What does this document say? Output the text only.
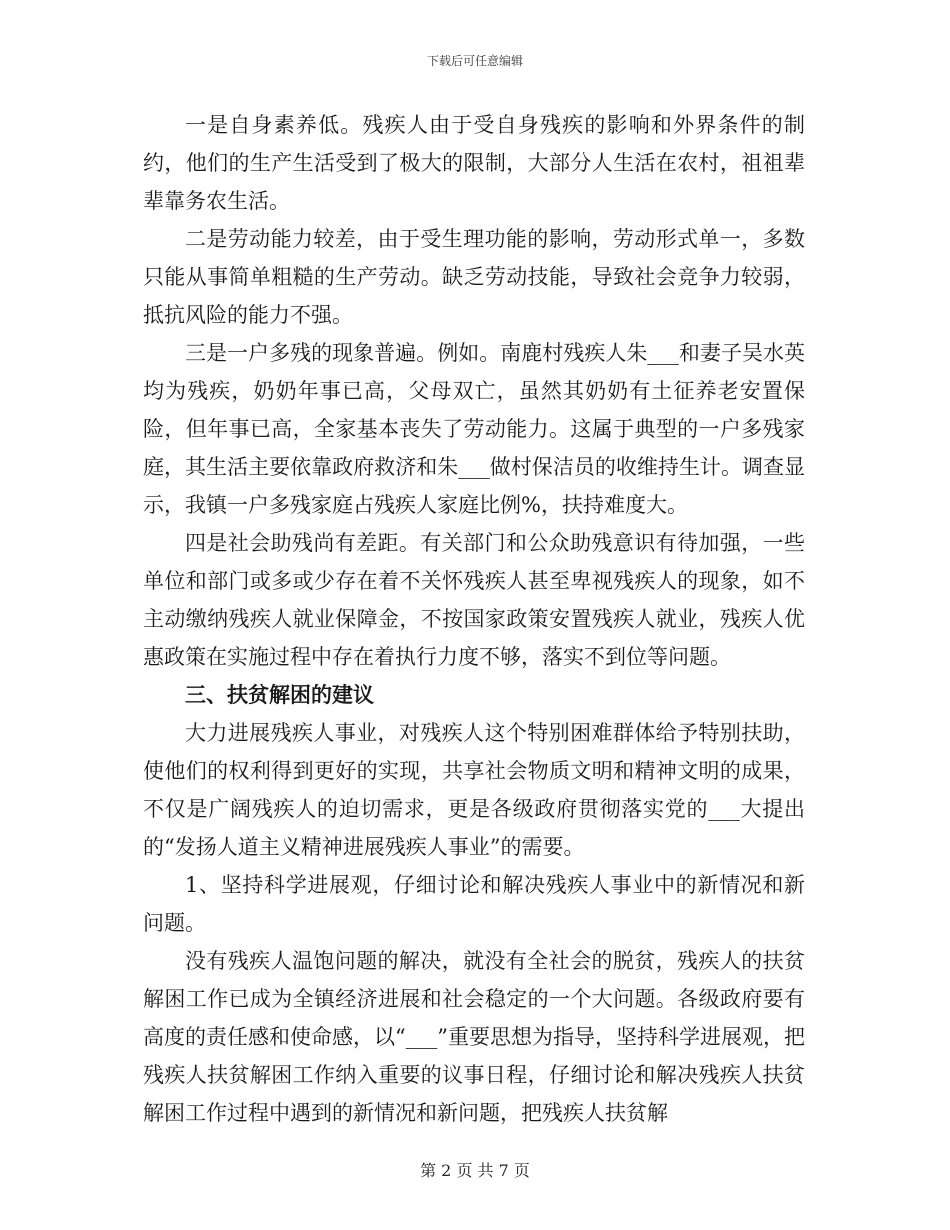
下载后可任意编辑

一是自身素养低。残疾人由于受自身残疾的影响和外界条件的制约，他们的生产生活受到了极大的限制，大部分人生活在农村，祖祖辈辈靠务农生活。

二是劳动能力较差，由于受生理功能的影响，劳动形式单一，多数只能从事简单粗糙的生产劳动。缺乏劳动技能，导致社会竞争力较弱，抵抗风险的能力不强。

三是一户多残的现象普遍。例如。南鹿村残疾人朱___和妻子吴水英均为残疾，奶奶年事已高，父母双亡，虽然其奶奶有土征养老安置保险，但年事已高，全家基本丧失了劳动能力。这属于典型的一户多残家庭，其生活主要依靠政府救济和朱___做村保洁员的收维持生计。调查显示，我镇一户多残家庭占残疾人家庭比例%，扶持难度大。

四是社会助残尚有差距。有关部门和公众助残意识有待加强，一些单位和部门或多或少存在着不关怀残疾人甚至卑视残疾人的现象，如不主动缴纳残疾人就业保障金，不按国家政策安置残疾人就业，残疾人优惠政策在实施过程中存在着执行力度不够，落实不到位等问题。

三、扶贫解困的建议

大力进展残疾人事业，对残疾人这个特别困难群体给予特别扶助，使他们的权利得到更好的实现，共享社会物质文明和精神文明的成果，不仅是广阔残疾人的迫切需求，更是各级政府贯彻落实党的___大提出的“发扬人道主义精神进展残疾人事业”的需要。

1、坚持科学进展观，仔细讨论和解决残疾人事业中的新情况和新问题。

没有残疾人温饱问题的解决，就没有全社会的脱贫，残疾人的扶贫解困工作已成为全镇经济进展和社会稳定的一个大问题。各级政府要有高度的责任感和使命感，以“___”重要思想为指导，坚持科学进展观，把残疾人扶贫解困工作纳入重要的议事日程，仔细讨论和解决残疾人扶贫解困工作过程中遇到的新情况和新问题，把残疾人扶贫解

第 2 页 共 7 页
